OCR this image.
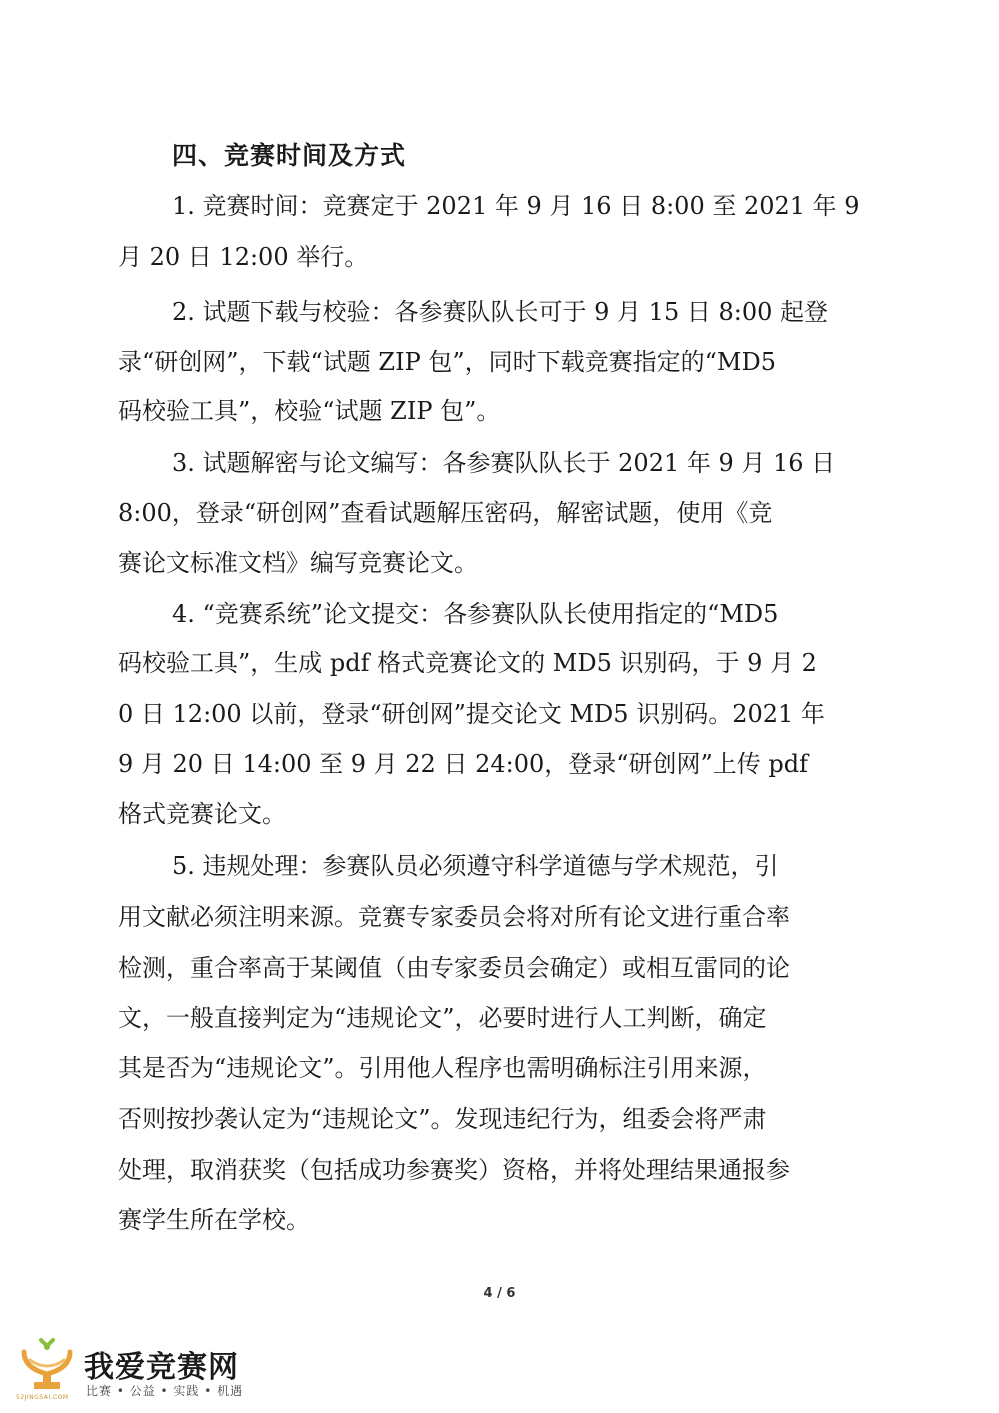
四、竞赛时间及方式
1. 竞赛时间：竞赛定于 2021 年 9 月 16 日 8:00 至 2021 年 9
月 20 日 12:00 举行。
2. 试题下载与校验：各参赛队队长可于 9 月 15 日 8:00 起登
录“研创网”，下载“试题 ZIP 包”，同时下载竞赛指定的“MD5
码校验工具”，校验“试题 ZIP 包”。
3. 试题解密与论文编写：各参赛队队长于 2021 年 9 月 16 日
8:00，登录“研创网”查看试题解压密码，解密试题，使用《竞
赛论文标准文档》编写竞赛论文。
4. “竞赛系统”论文提交：各参赛队队长使用指定的“MD5
码校验工具”，生成 pdf 格式竞赛论文的 MD5 识别码，于 9 月 2
0 日 12:00 以前，登录“研创网”提交论文 MD5 识别码。2021 年
9 月 20 日 14:00 至 9 月 22 日 24:00，登录“研创网”上传 pdf
格式竞赛论文。
5. 违规处理：参赛队员必须遵守科学道德与学术规范，引
用文献必须注明来源。竞赛专家委员会将对所有论文进行重合率
检测，重合率高于某阈值（由专家委员会确定）或相互雷同的论
文，一般直接判定为“违规论文”，必要时进行人工判断，确定
其是否为“违规论文”。引用他人程序也需明确标注引用来源，
否则按抄袭认定为“违规论文”。发现违纪行为，组委会将严肃
处理，取消获奖（包括成功参赛奖）资格，并将处理结果通报参
赛学生所在学校。
4 / 6
52JINGSAI.COM
我爱竞赛网
比赛 • 公益 • 实践 • 机遇
